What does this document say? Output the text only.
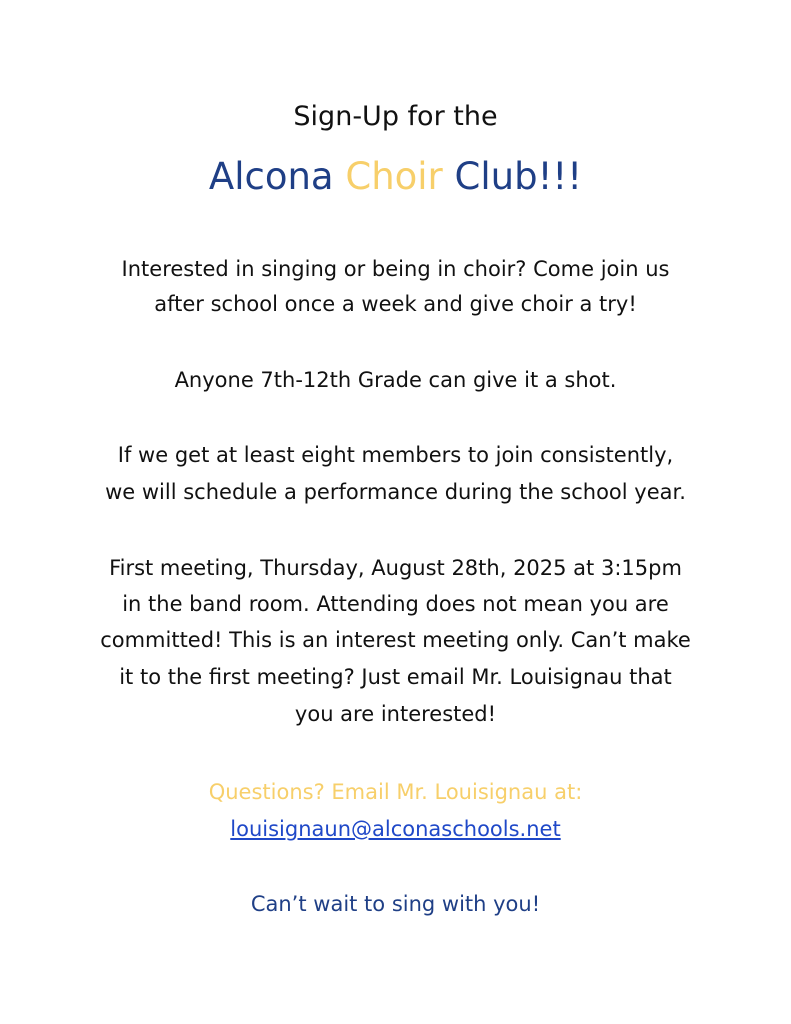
Sign-Up for the
Alcona Choir Club!!!
Interested in singing or being in choir? Come join us
after school once a week and give choir a try!
Anyone 7th-12th Grade can give it a shot.
If we get at least eight members to join consistently,
we will schedule a performance during the school year.
First meeting, Thursday, August 28th, 2025 at 3:15pm
in the band room. Attending does not mean you are
committed! This is an interest meeting only. Can’t make
it to the first meeting? Just email Mr. Louisignau that
you are interested!
Questions? Email Mr. Louisignau at:
louisignaun@alconaschools.net
Can’t wait to sing with you!
